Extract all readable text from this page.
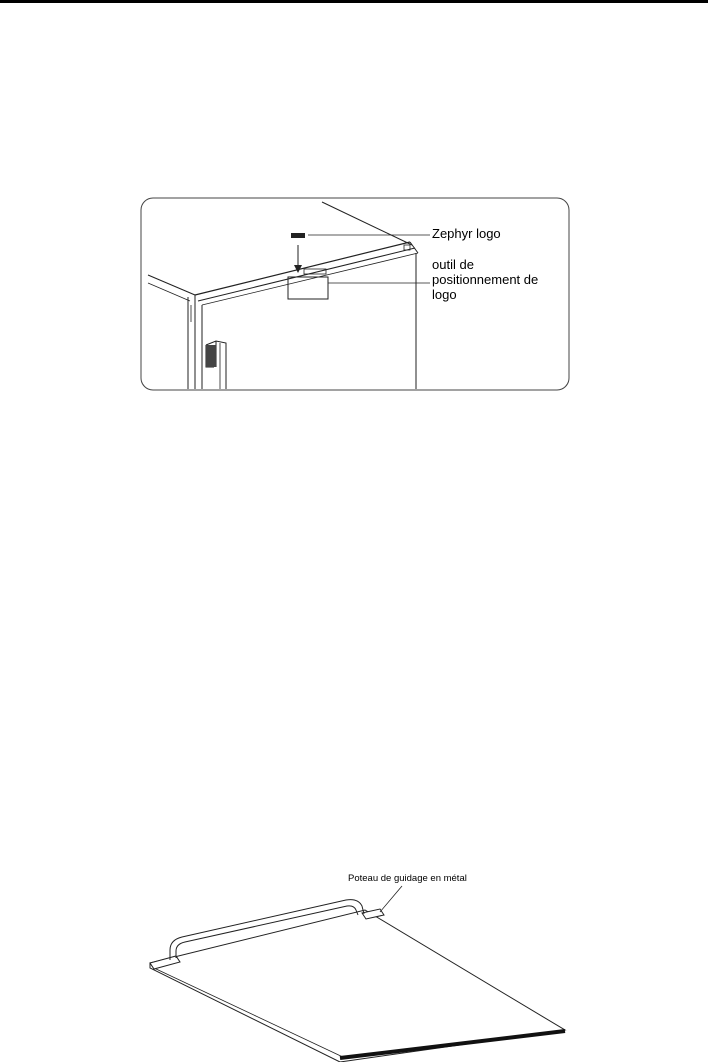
Zephyr logo
outil de positionnement de logo
Poteau de guidage en métal
